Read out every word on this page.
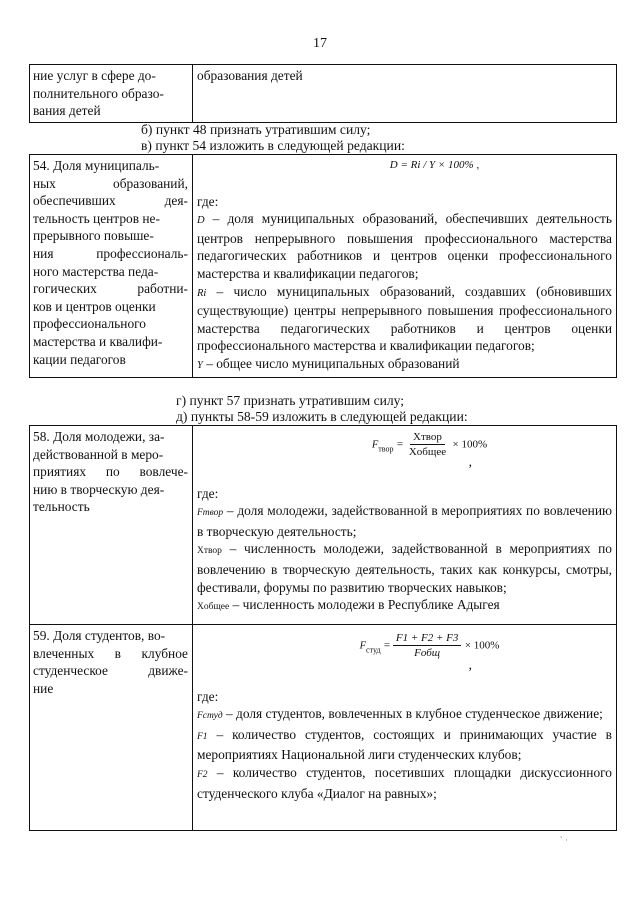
17
ние услуг в сфере до-
полнительного образо-
вания детей
образования детей
б) пункт 48 признать утратившим силу;
в) пункт 54 изложить в следующей редакции:
54. Доля муниципаль-
ных образований,
обеспечивших дея-
тельность центров не-
прерывного повыше-
ния профессиональ-
ного мастерства педа-
гогических работни-
ков и центров оценки
профессионального
мастерства и квалифи-
кации педагогов
D = Ri / Y × 100% ,
где:
D – доля муниципальных образований, обеспечивших деятельность центров непрерывного повышения профессионального мастерства педагогических работников и центров оценки профессионального мастерства и квалификации педагогов;
Ri – число муниципальных образований, создавших (обновивших существующие) центры непрерывного повышения профессионального мастерства педагогических работников и центров оценки профессионального мастерства и квалификации педагогов;
Y – общее число муниципальных образований
г) пункт 57 признать утратившим силу;
д) пункты 58-59 изложить в следующей редакции:
58. Доля молодежи, за-
действованной в меро-
приятиях по вовлече-
нию в творческую дея-
тельность
$F_{твор} = \frac{\text{Xтвор}}{\text{Xобщее}} \times 100\%$
,
где:
Fтвор – доля молодежи, задействованной в мероприятиях по вовлечению в творческую деятельность;
Xтвор – численность молодежи, задействованной в мероприятиях по вовлечению в творческую деятельность, таких как конкурсы, смотры, фестивали, форумы по развитию творческих навыков;
Xобщее – численность молодежи в Республике Адыгея
59. Доля студентов, во-
влеченных в клубное
студенческое движе-
ние
$F_{студ} = \frac{F1 + F2 + F3}{\text{Fобщ}} \times 100\%$
,
где:
Fстуд – доля студентов, вовлеченных в клубное студенческое движение;
F1 – количество студентов, состоящих и принимающих участие в мероприятиях Национальной лиги студенческих клубов;
F2 – количество студентов, посетивших площадки дискуссионного студенческого клуба «Диалог на равных»;
` ·
